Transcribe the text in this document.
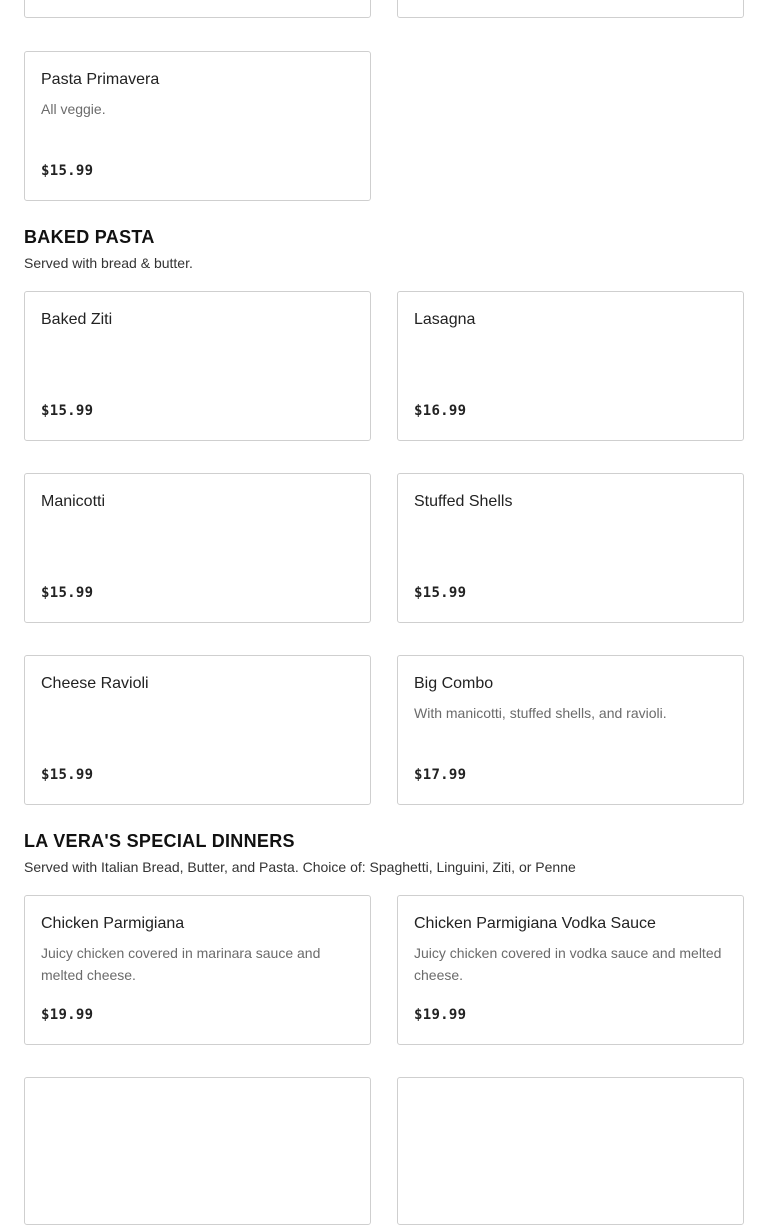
Pasta Primavera
All veggie.
$15.99
BAKED PASTA

Served with bread & butter.

Baked Ziti
$15.99
Lasagna
$16.99
Manicotti
$15.99
Stuffed Shells
$15.99
Cheese Ravioli
$15.99
Big Combo
With manicotti, stuffed shells, and ravioli.
$17.99
LA VERA'S SPECIAL DINNERS

Served with Italian Bread, Butter, and Pasta. Choice of: Spaghetti, Linguini, Ziti, or Penne

Chicken Parmigiana
Juicy chicken covered in marinara sauce and melted cheese.
$19.99
Chicken Parmigiana Vodka Sauce
Juicy chicken covered in vodka sauce and melted cheese.
$19.99
